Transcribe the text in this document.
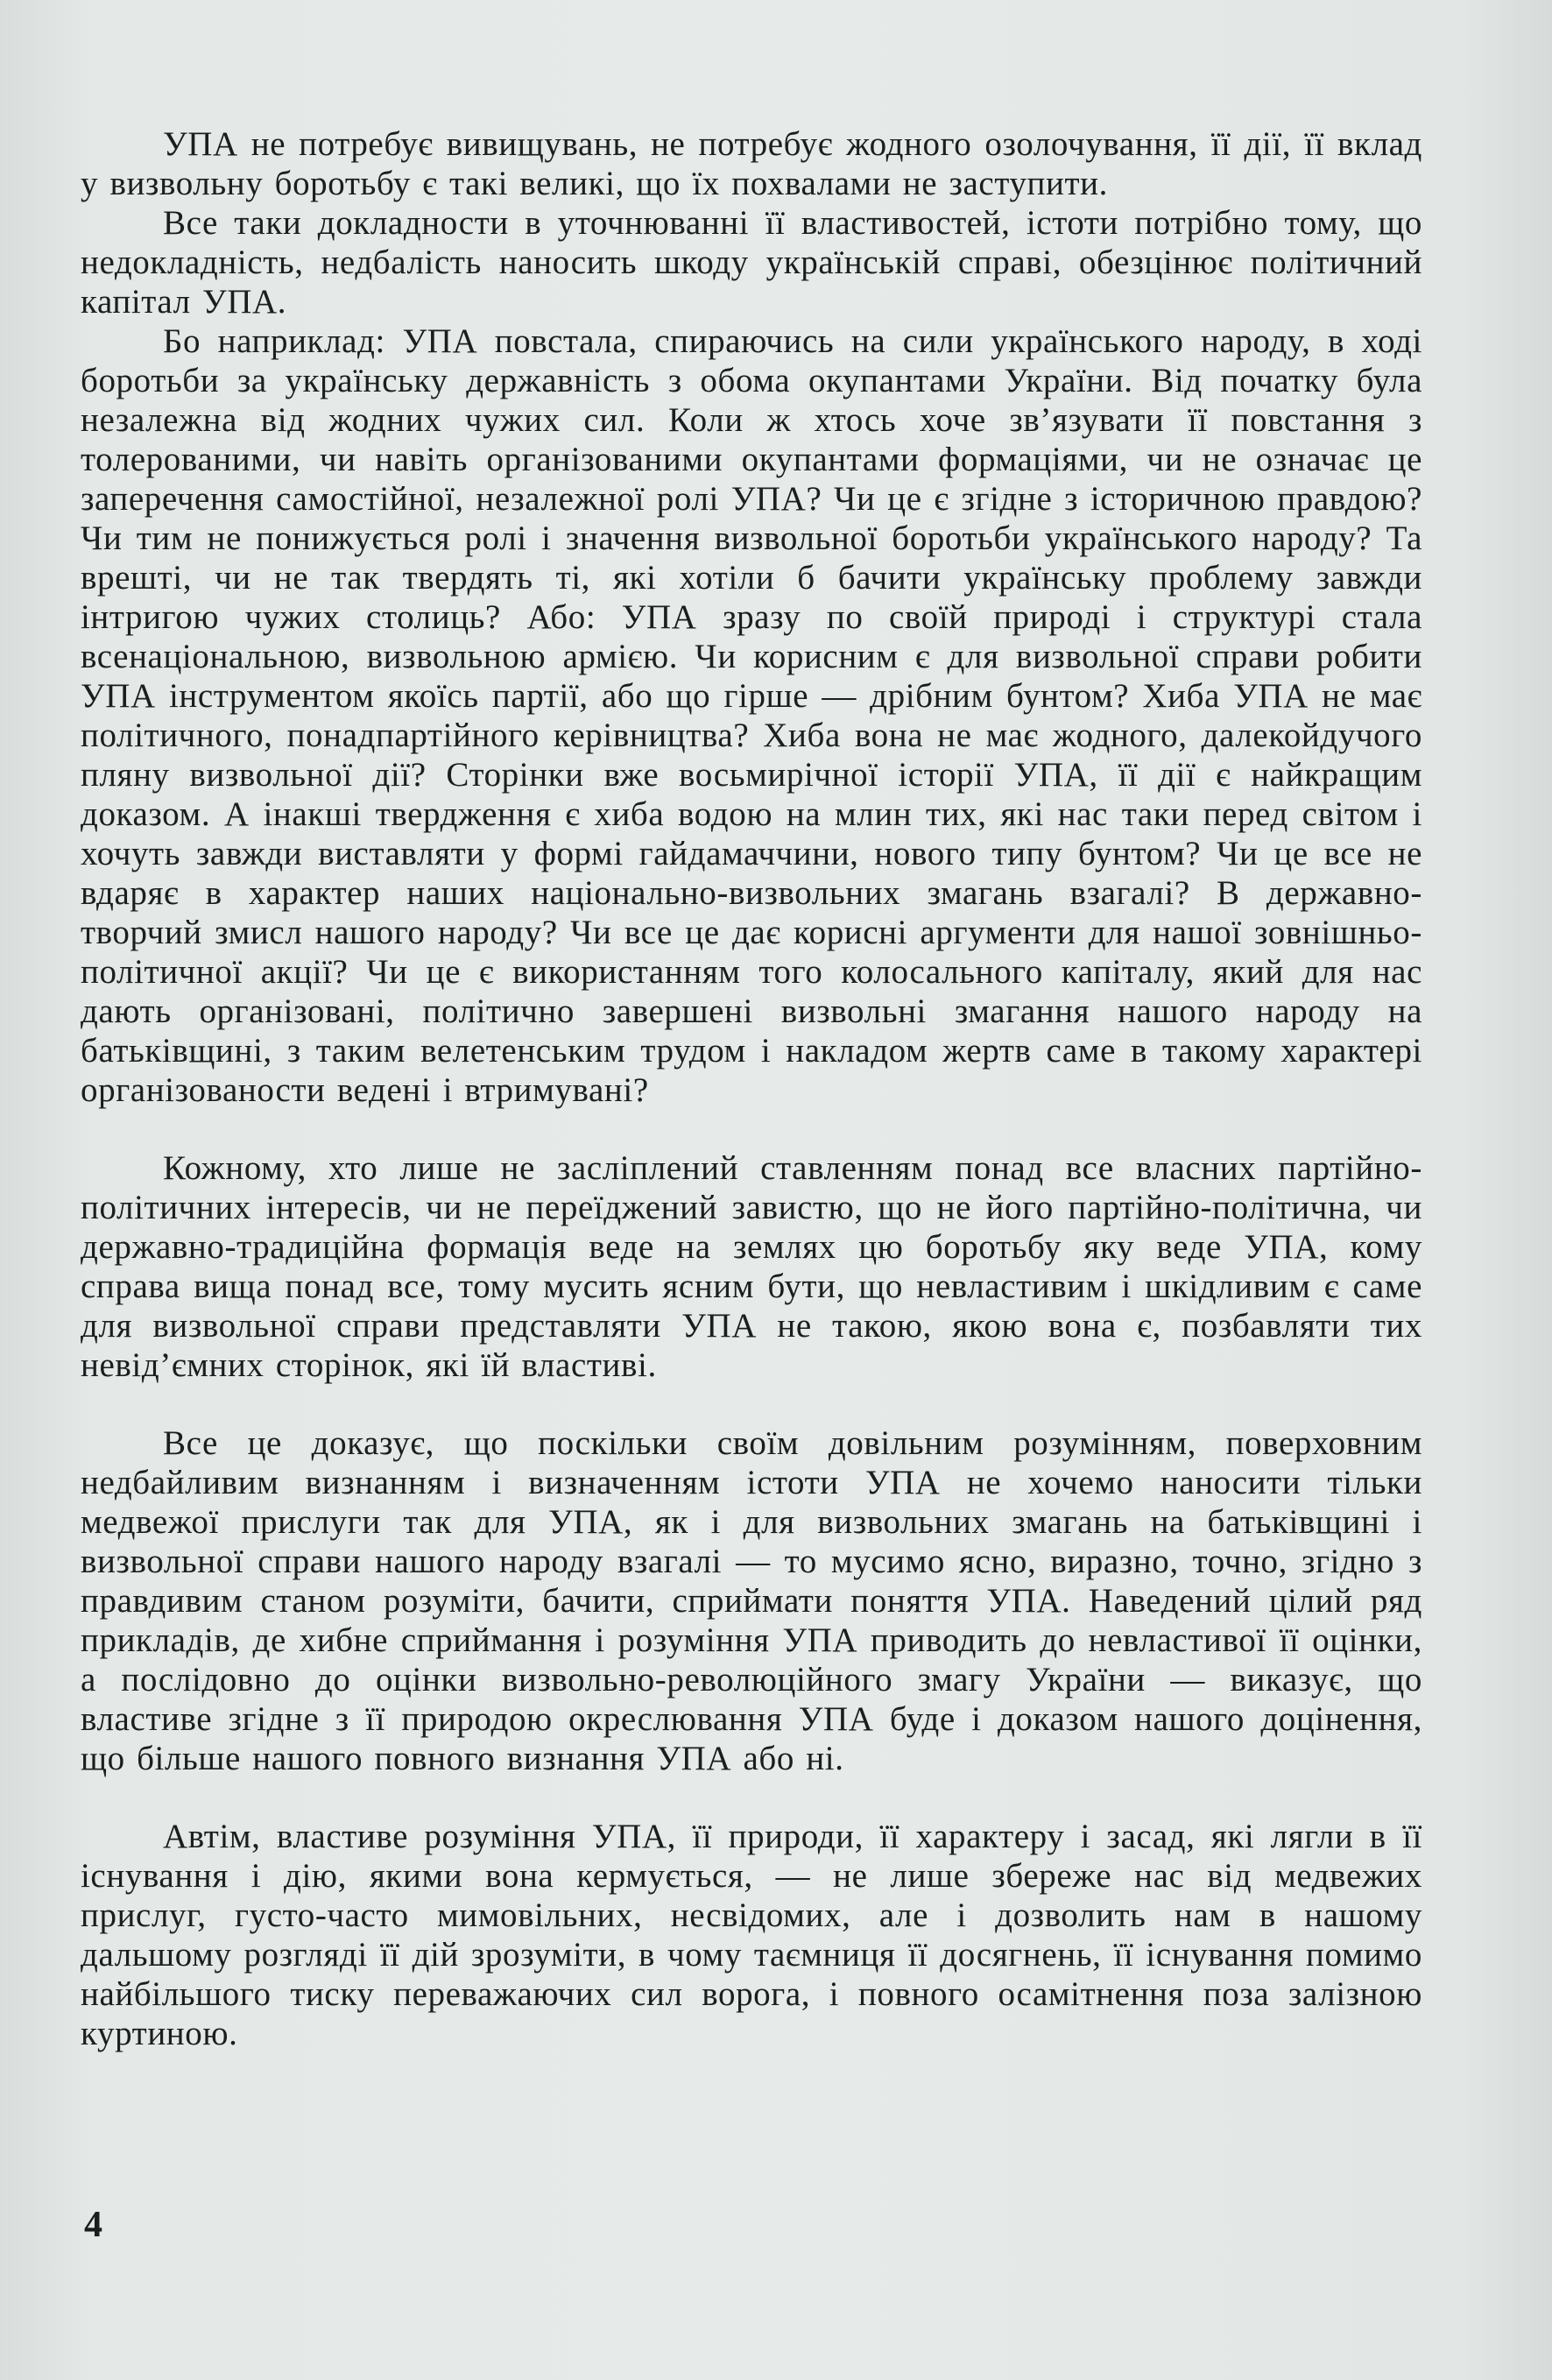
УПА не потребує вивищувань, не потребує жодного озолочування, її дії, її вклад у визвольну боротьбу є такі великі, що їх похвалами не заступити.

Все таки докладности в уточнюванні її властивостей, істоти потрібно тому, що недокладність, недбалість наносить шкоду українській справі, обезцінює політичний капітал УПА.

Бо наприклад: УПА повстала, спираючись на сили українського народу, в ході боротьби за українську державність з обома окупантами України. Від початку була незалежна від жодних чужих сил. Коли ж хтось хоче зв’язувати її повстання з толерованими, чи навіть організованими окупантами формаціями, чи не означає це заперечення самостійної, незалежної ролі УПА? Чи це є згідне з історичною правдою? Чи тим не понижується ролі і значення визвольної боротьби українського народу? Та врешті, чи не так твердять ті, які хотіли б бачити українську проблему завжди інтригою чужих столиць? Або: УПА зразу по своїй природі і структурі стала всенаціональною, визвольною армією. Чи корисним є для визвольної справи робити УПА інструментом якоїсь партії, або що гірше — дрібним бунтом? Хиба УПА не має політичного, понадпартійного керівництва? Хиба вона не має жодного, далекойдучого пляну визвольної дії? Сторінки вже восьмирічної історії УПА, її дії є найкращим доказом. А інакші твердження є хиба водою на млин тих, які нас таки перед світом і хочуть завжди виставляти у формі гайдамаччини, нового типу бунтом? Чи це все не вдаряє в характер наших національно-визвольних змагань взагалі? В державно-творчий змисл нашого народу? Чи все це дає корисні аргументи для нашої зовнішньо-політичної акції? Чи це є використанням того колосального капіталу, який для нас дають організовані, політично завершені визвольні змагання нашого народу на батьківщині, з таким велетенським трудом і накладом жертв саме в такому характері організованости ведені і втримувані?

Кожному, хто лише не засліплений ставленням понад все власних партійно-політичних інтересів, чи не переїджений завистю, що не його партійно-політична, чи державно-традиційна формація веде на землях цю боротьбу яку веде УПА, кому справа вища понад все, тому мусить ясним бути, що невластивим і шкідливим є саме для визвольної справи представляти УПА не такою, якою вона є, позбавляти тих невід’ємних сторінок, які їй властиві.

Все це доказує, що поскільки своїм довільним розумінням, поверховним недбайливим визнанням і визначенням істоти УПА не хочемо наносити тільки медвежої прислуги так для УПА, як і для визвольних змагань на батьківщині і визвольної справи нашого народу взагалі — то мусимо ясно, виразно, точно, згідно з правдивим станом розуміти, бачити, сприймати поняття УПА. Наведений цілий ряд прикладів, де хибне сприймання і розуміння УПА приводить до невластивої її оцінки, а послідовно до оцінки визвольно-революційного змагу України — виказує, що властиве згідне з її природою окреслювання УПА буде і доказом нашого доцінення, що більше нашого повного визнання УПА або ні.

Автім, властиве розуміння УПА, її природи, її характеру і засад, які лягли в її існування і дію, якими вона кермується, — не лише збереже нас від медвежих прислуг, густо-часто мимовільних, несвідомих, але і дозволить нам в нашому дальшому розгляді її дій зрозуміти, в чому таємниця її досягнень, її існування помимо найбільшого тиску переважаючих сил ворога, і повного осамітнення поза залізною куртиною.

4
